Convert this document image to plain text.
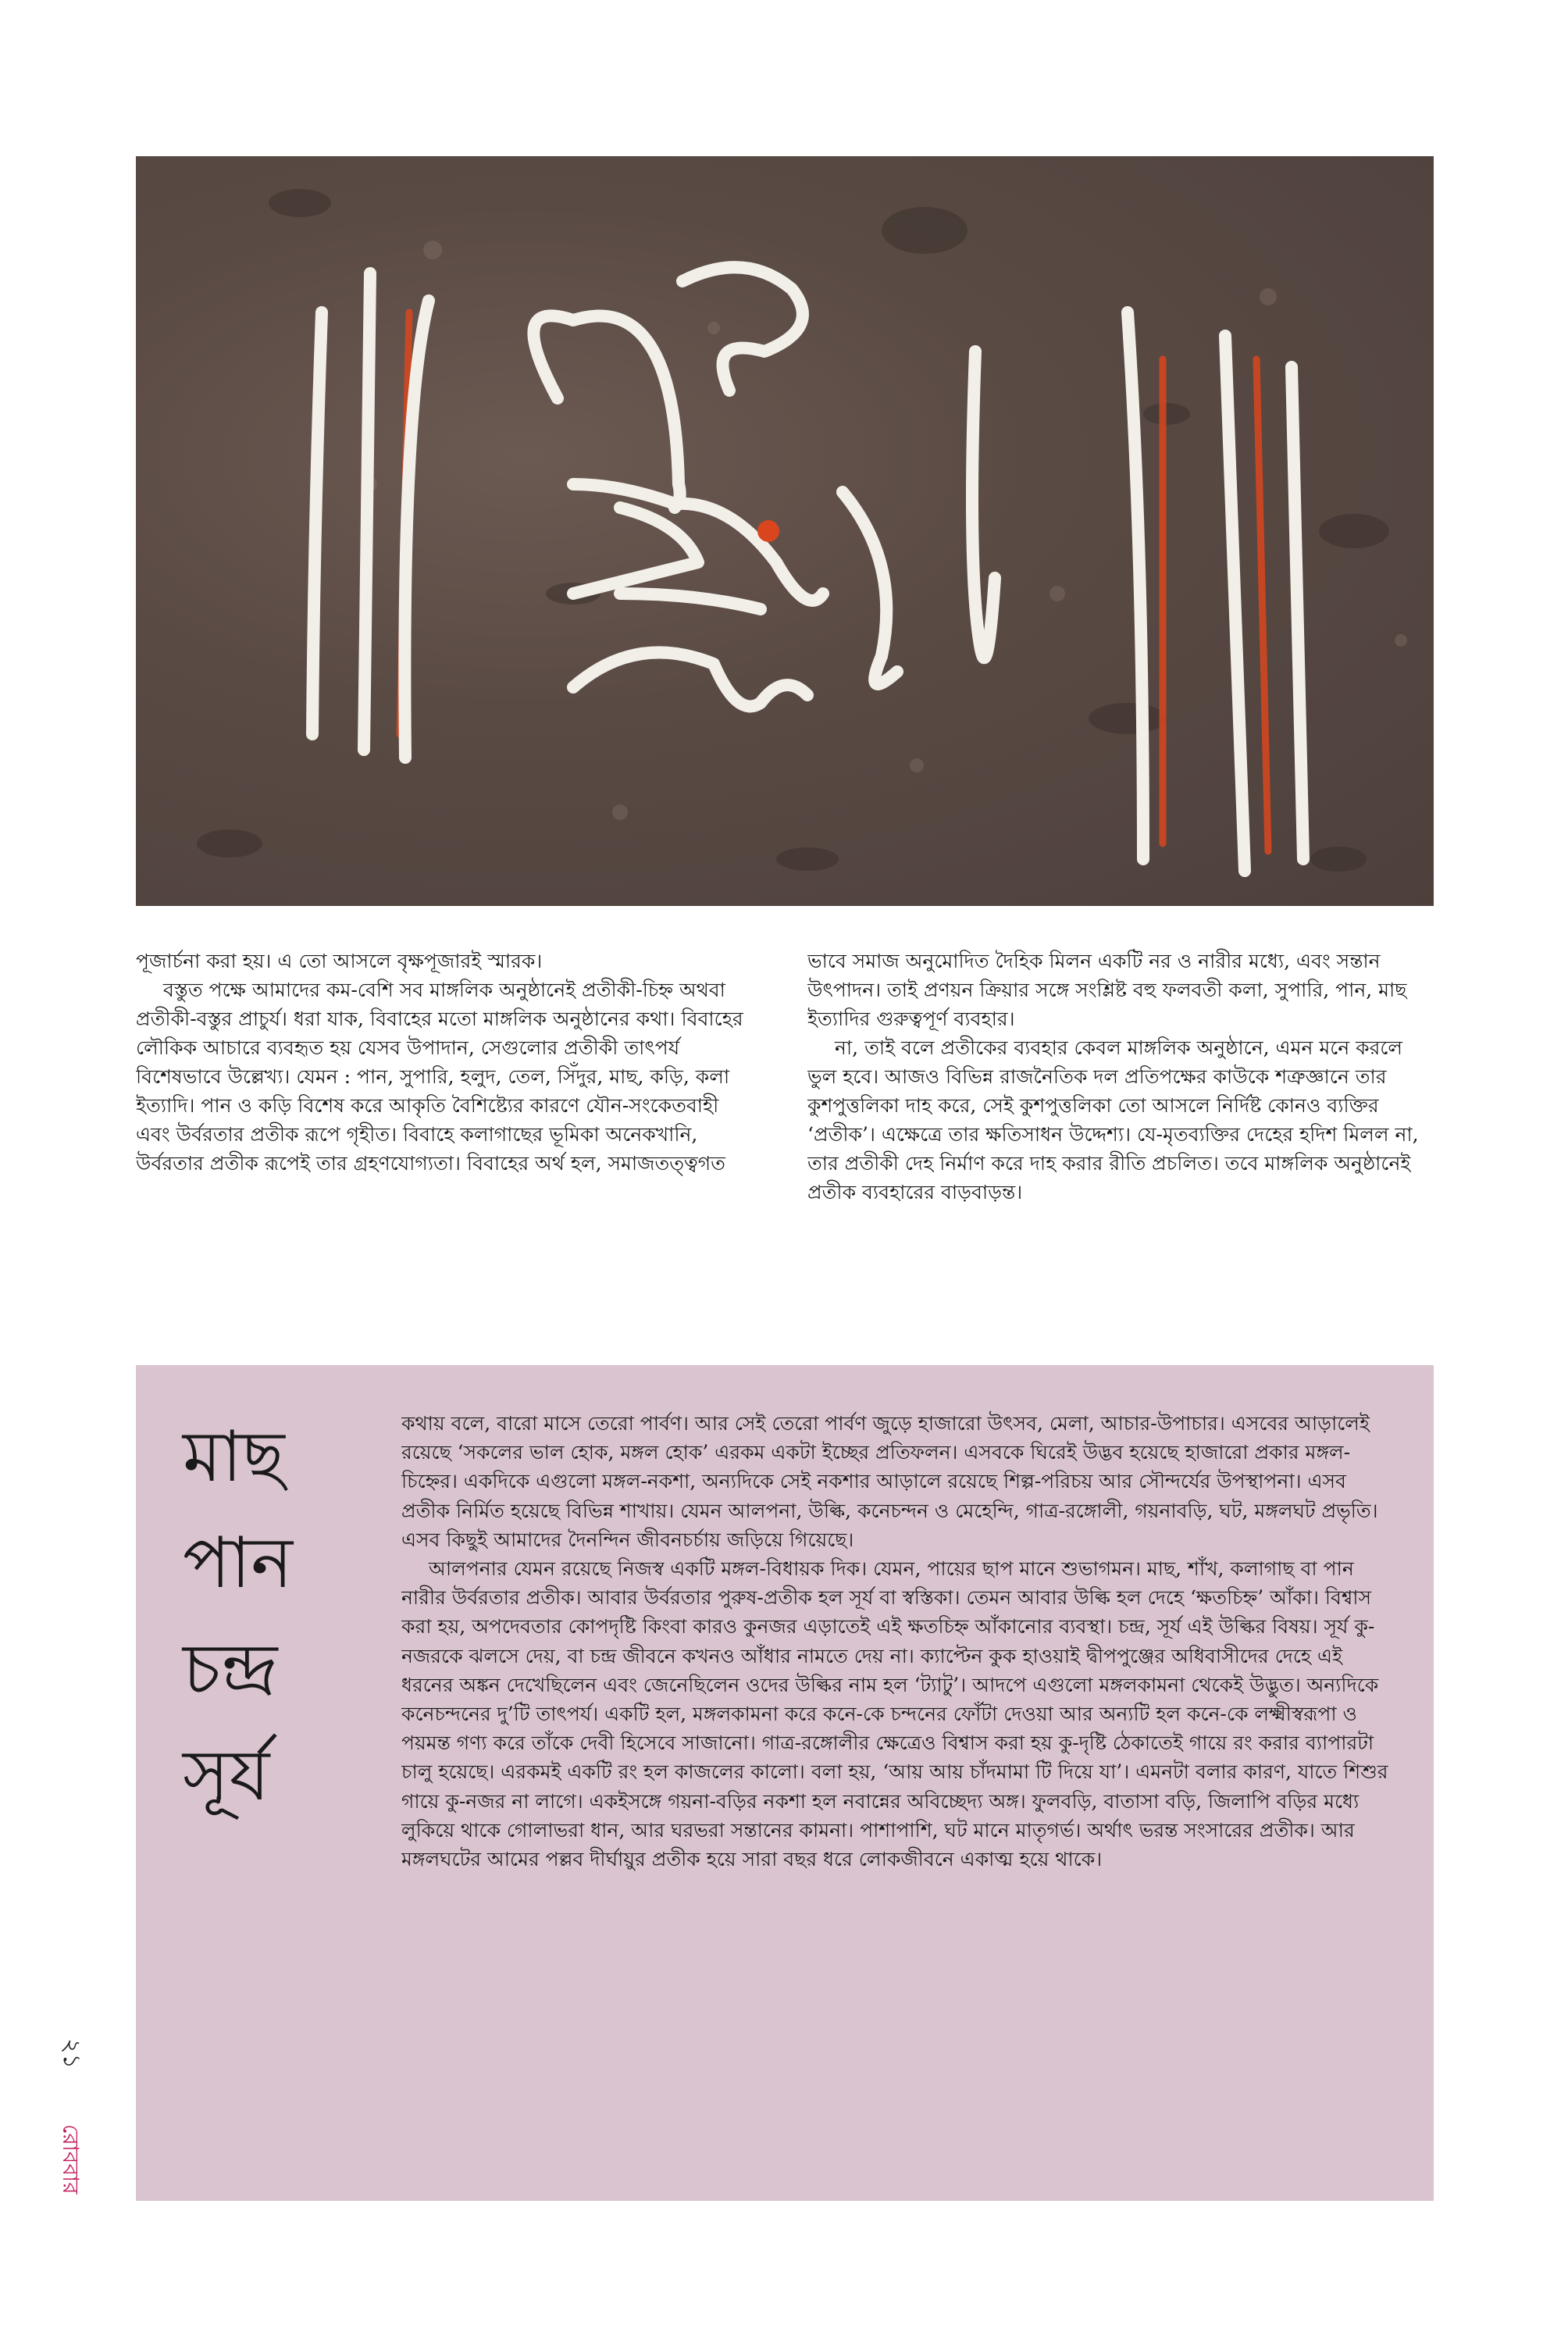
পূজার্চনা করা হয়। এ তো আসলে বৃক্ষপূজারই স্মারক।

বস্তুত পক্ষে আমাদের কম-বেশি সব মাঙ্গলিক অনুষ্ঠানেই প্রতীকী-চিহ্ন অথবা প্রতীকী-বস্তুর প্রাচুর্য। ধরা যাক, বিবাহের মতো মাঙ্গলিক অনুষ্ঠানের কথা। বিবাহের লৌকিক আচারে ব্যবহৃত হয় যেসব উপাদান, সেগুলোর প্রতীকী তাৎপর্য বিশেষভাবে উল্লেখ্য। যেমন : পান, সুপারি, হলুদ, তেল, সিঁদুর, মাছ, কড়ি, কলা ইত্যাদি। পান ও কড়ি বিশেষ করে আকৃতি বৈশিষ্ট্যের কারণে যৌন-সংকেতবাহী এবং উর্বরতার প্রতীক রূপে গৃহীত। বিবাহে কলাগাছের ভূমিকা অনেকখানি, উর্বরতার প্রতীক রূপেই তার গ্রহণযোগ্যতা। বিবাহের অর্থ হল, সমাজতত্ত্বগত

ভাবে সমাজ অনুমোদিত দৈহিক মিলন একটি নর ও নারীর মধ্যে, এবং সন্তান উৎপাদন। তাই প্রণয়ন ক্রিয়ার সঙ্গে সংশ্লিষ্ট বহু ফলবতী কলা, সুপারি, পান, মাছ ইত্যাদির গুরুত্বপূর্ণ ব্যবহার।

না, তাই বলে প্রতীকের ব্যবহার কেবল মাঙ্গলিক অনুষ্ঠানে, এমন মনে করলে ভুল হবে। আজও বিভিন্ন রাজনৈতিক দল প্রতিপক্ষের কাউকে শত্রুজ্ঞানে তার কুশপুত্তলিকা দাহ করে, সেই কুশপুত্তলিকা তো আসলে নির্দিষ্ট কোনও ব্যক্তির ‘প্রতীক’। এক্ষেত্রে তার ক্ষতিসাধন উদ্দেশ্য। যে-মৃতব্যক্তির দেহের হদিশ মিলল না, তার প্রতীকী দেহ নির্মাণ করে দাহ করার রীতি প্রচলিত। তবে মাঙ্গলিক অনুষ্ঠানেই প্রতীক ব্যবহারের বাড়বাড়ন্ত।

মাছ
পান
চন্দ্র
সূর্য

কথায় বলে, বারো মাসে তেরো পার্বণ। আর সেই তেরো পার্বণ জুড়ে হাজারো উৎসব, মেলা, আচার-উপাচার। এসবের আড়ালেই রয়েছে ‘সকলের ভাল হোক, মঙ্গল হোক’ এরকম একটা ইচ্ছের প্রতিফলন। এসবকে ঘিরেই উদ্ভব হয়েছে হাজারো প্রকার মঙ্গল-চিহ্নের। একদিকে এগুলো মঙ্গল-নকশা, অন্যদিকে সেই নকশার আড়ালে রয়েছে শিল্প-পরিচয় আর সৌন্দর্যের উপস্থাপনা। এসব প্রতীক নির্মিত হয়েছে বিভিন্ন শাখায়। যেমন আলপনা, উল্কি, কনেচন্দন ও মেহেন্দি, গাত্র-রঙ্গোলী, গয়নাবড়ি, ঘট, মঙ্গলঘট প্রভৃতি। এসব কিছুই আমাদের দৈনন্দিন জীবনচর্চায় জড়িয়ে গিয়েছে।

আলপনার যেমন রয়েছে নিজস্ব একটি মঙ্গল-বিধায়ক দিক। যেমন, পায়ের ছাপ মানে শুভাগমন। মাছ, শাঁখ, কলাগাছ বা পান নারীর উর্বরতার প্রতীক। আবার উর্বরতার পুরুষ-প্রতীক হল সূর্য বা স্বস্তিকা। তেমন আবার উল্কি হল দেহে ‘ক্ষতচিহ্ন’ আঁকা। বিশ্বাস করা হয়, অপদেবতার কোপদৃষ্টি কিংবা কারও কুনজর এড়াতেই এই ক্ষতচিহ্ন আঁকানোর ব্যবস্থা। চন্দ্র, সূর্য এই উল্কির বিষয়। সূর্য কু-নজরকে ঝলসে দেয়, বা চন্দ্র জীবনে কখনও আঁধার নামতে দেয় না। ক্যাপ্টেন কুক হাওয়াই দ্বীপপুঞ্জের অধিবাসীদের দেহে এই ধরনের অঙ্কন দেখেছিলেন এবং জেনেছিলেন ওদের উল্কির নাম হল ‘ট্যাটু’। আদপে এগুলো মঙ্গলকামনা থেকেই উদ্ভুত। অন্যদিকে কনেচন্দনের দু’টি তাৎপর্য। একটি হল, মঙ্গলকামনা করে কনে-কে চন্দনের ফোঁটা দেওয়া আর অন্যটি হল কনে-কে লক্ষ্মীস্বরূপা ও পয়মন্ত গণ্য করে তাঁকে দেবী হিসেবে সাজানো। গাত্র-রঙ্গোলীর ক্ষেত্রেও বিশ্বাস করা হয় কু-দৃষ্টি ঠেকাতেই গায়ে রং করার ব্যাপারটা চালু হয়েছে। এরকমই একটি রং হল কাজলের কালো। বলা হয়, ‘আয় আয় চাঁদমামা টি দিয়ে যা’। এমনটা বলার কারণ, যাতে শিশুর গায়ে কু-নজর না লাগে। একইসঙ্গে গয়না-বড়ির নকশা হল নবান্নের অবিচ্ছেদ্য অঙ্গ। ফুলবড়ি, বাতাসা বড়ি, জিলাপি বড়ির মধ্যে লুকিয়ে থাকে গোলাভরা ধান, আর ঘরভরা সন্তানের কামনা। পাশাপাশি, ঘট মানে মাতৃগর্ভ। অর্থাৎ ভরন্ত সংসারের প্রতীক। আর মঙ্গলঘটের আমের পল্লব দীর্ঘায়ুর প্রতীক হয়ে সারা বছর ধরে লোকজীবনে একাত্ম হয়ে থাকে।

২১
রোববার
